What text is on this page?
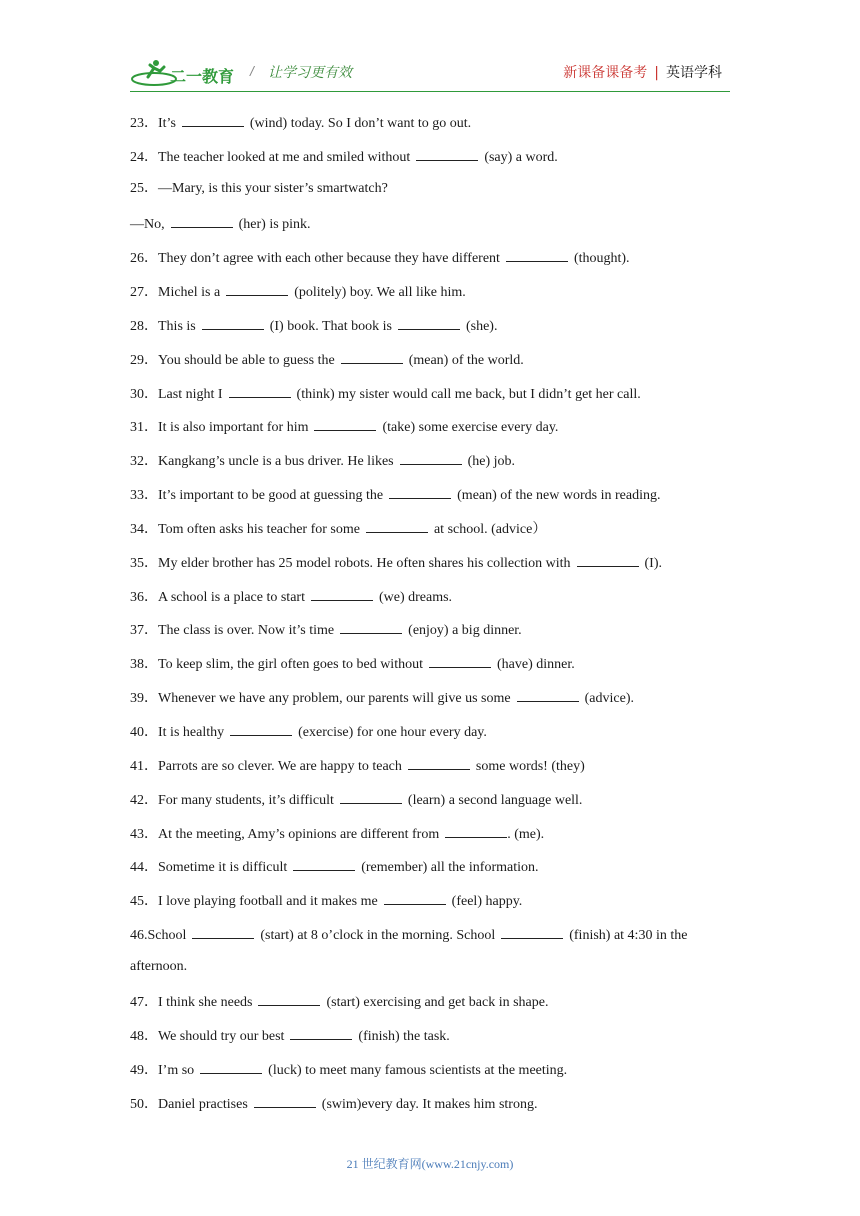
二一教育 / 让学习更有效	新课备课备考 | 英语学科
23．It’s	(wind) today. So I don’t want to go out.
24．The teacher looked at me and smiled without	(say) a word.
25．—Mary, is this your sister’s smartwatch?
—No,	(her) is pink.
26．They don’t agree with each other because they have different	(thought).
27．Michel is a	(politely) boy. We all like him.
28．This is	(I) book. That book is	(she).
29．You should be able to guess the	(mean) of the world.
30．Last night I	(think) my sister would call me back, but I didn’t get her call.
31．It is also important for him	(take) some exercise every day.
32．Kangkang’s uncle is a bus driver. He likes	(he) job.
33．It’s important to be good at guessing the	(mean) of the new words in reading.
34．Tom often asks his teacher for some	at school. (advice）
35．My elder brother has 25 model robots. He often shares his collection with	(I).
36．A school is a place to start	(we) dreams.
37．The class is over. Now it’s time	(enjoy) a big dinner.
38．To keep slim, the girl often goes to bed without	(have) dinner.
39．Whenever we have any problem, our parents will give us some	(advice).
40．It is healthy	(exercise) for one hour every day.
41．Parrots are so clever. We are happy to teach	some words! (they)
42．For many students, it’s difficult	(learn) a second language well.
43．At the meeting, Amy’s opinions are different from	. (me).
44．Sometime it is difficult	(remember) all the information.
45．I love playing football and it makes me	(feel) happy.
46.School	(start) at 8 o’clock in the morning. School	(finish) at 4:30 in the
afternoon.
47．I think she needs	(start) exercising and get back in shape.
48．We should try our best	(finish) the task.
49．I’m so	(luck) to meet many famous scientists at the meeting.
50．Daniel practises	(swim)every day. It makes him strong.
21 世纪教育网(www.21cnjy.com)
